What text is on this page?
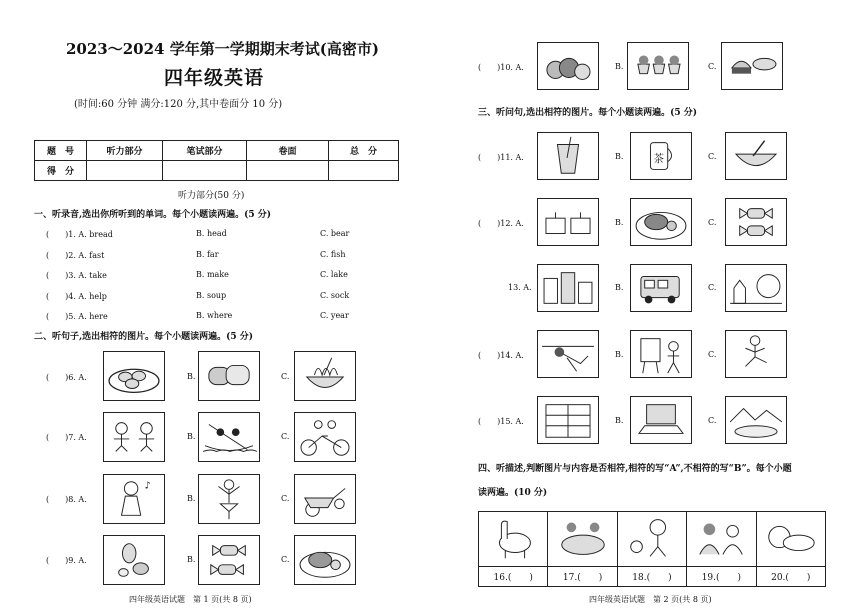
2023～2024 学年第一学期期末考试(高密市)
四年级英语
(时间:60 分钟 满分:120 分,其中卷面分 10 分)
题　号	听力部分	笔试部分	卷面	总　分
得　分				
听力部分(50 分)
一、听录音,选出你所听到的单词。每个小题读两遍。(5 分)
(　　)1. A. bread	B. head	C. bear
(　　)2. A. fast	B. far	C. fish
(　　)3. A. take	B. make	C. lake
(　　)4. A. help	B. soup	C. sock
(　　)5. A. here	B. where	C. year
二、听句子,选出相符的图片。每个小题读两遍。(5 分)
(　　)6. A.	B.	C.
(　　)7. A.	B.	C.
(　　)8. A.	B.	C.
(　　)9. A.	B.	C.
♪
四年级英语试题　第 1 页(共 8 页)
(　　)10. A.	B.	C.
三、听问句,选出相符的图片。每个小题读两遍。(5 分)
(　　)11. A.	B.	C.
茶
(　　)12. A.	B.	C.
13. A.	B.	C.
(　　)14. A.	B.	C.
(　　)15. A.	B.	C.
四、听描述,判断图片与内容是否相符,相符的写“A”,不相符的写“B”。每个小题
读两遍。(10 分)

16.(　　)	17.(　　)	18.(　　)	19.(　　)	20.(　　)
四年级英语试题　第 2 页(共 8 页)
